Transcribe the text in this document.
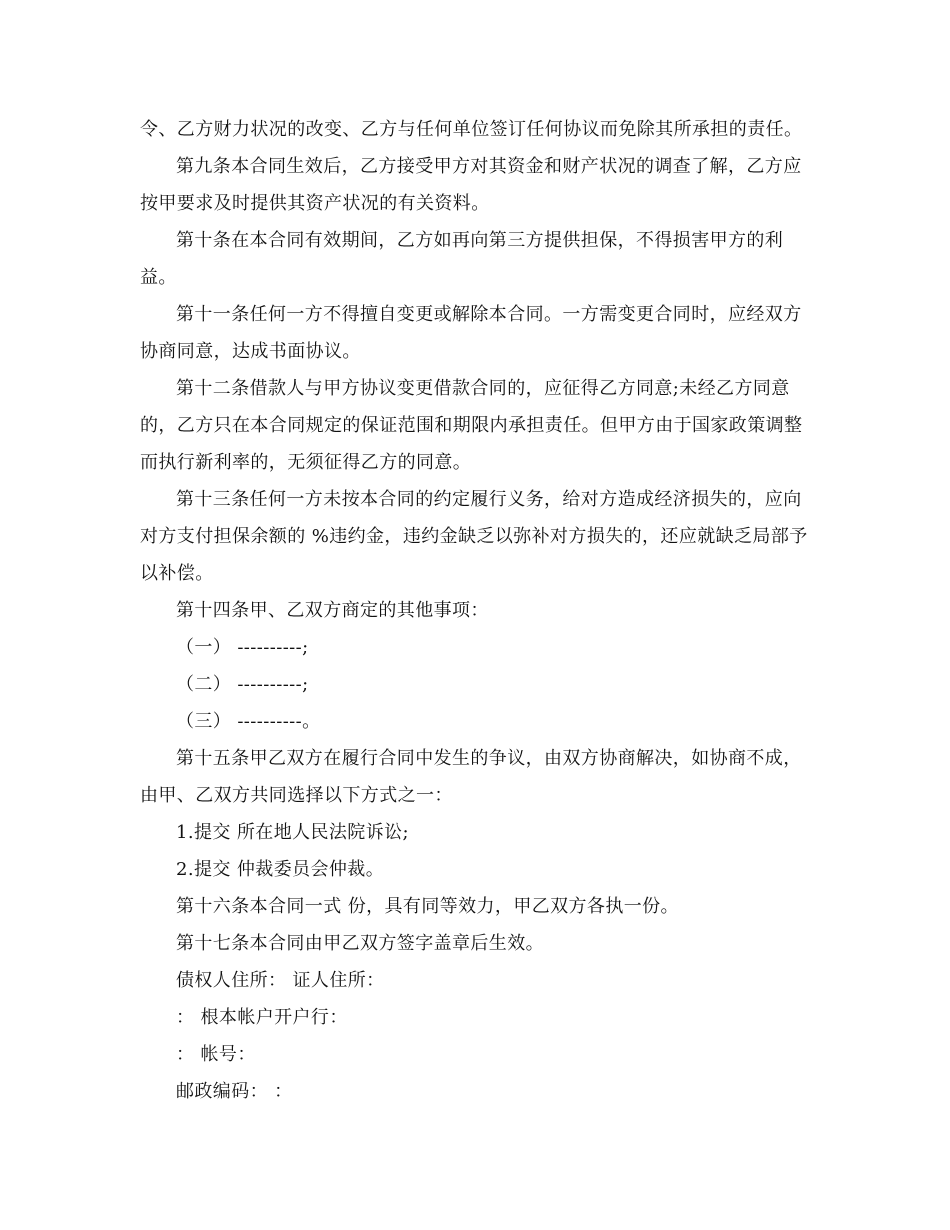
令、乙方财力状况的改变、乙方与任何单位签订任何协议而免除其所承担的责任。
第九条本合同生效后，乙方接受甲方对其资金和财产状况的调查了解，乙方应
按甲要求及时提供其资产状况的有关资料。
第十条在本合同有效期间，乙方如再向第三方提供担保，不得损害甲方的利
益。
第十一条任何一方不得擅自变更或解除本合同。一方需变更合同时，应经双方
协商同意，达成书面协议。
第十二条借款人与甲方协议变更借款合同的，应征得乙方同意;未经乙方同意
的，乙方只在本合同规定的保证范围和期限内承担责任。但甲方由于国家政策调整
而执行新利率的，无须征得乙方的同意。
第十三条任何一方未按本合同的约定履行义务，给对方造成经济损失的，应向
对方支付担保余额的 %违约金，违约金缺乏以弥补对方损失的，还应就缺乏局部予
以补偿。
第十四条甲、乙双方商定的其他事项：
（一） ----------;
（二） ----------;
（三） ----------。
第十五条甲乙双方在履行合同中发生的争议，由双方协商解决，如协商不成，
由甲、乙双方共同选择以下方式之一：
1.提交 所在地人民法院诉讼;
2.提交 仲裁委员会仲裁。
第十六条本合同一式 份，具有同等效力，甲乙双方各执一份。
第十七条本合同由甲乙双方签字盖章后生效。
债权人住所： 证人住所：
： 根本帐户开户行：
： 帐号：
邮政编码： ：
